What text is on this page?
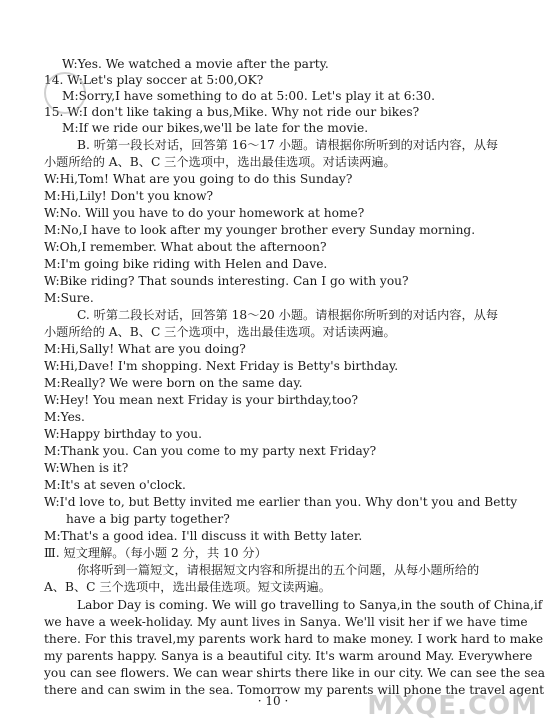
W:Yes. We watched a movie after the party.
14. W:Let's play soccer at 5:00,OK?
M:Sorry,I have something to do at 5:00. Let's play it at 6:30.
15. W:I don't like taking a bus,Mike. Why not ride our bikes?
M:If we ride our bikes,we'll be late for the movie.
B. 听第一段长对话，回答第 16～17 小题。请根据你所听到的对话内容，从每
小题所给的 A、B、C 三个选项中，选出最佳选项。对话读两遍。
W:Hi,Tom! What are you going to do this Sunday?
M:Hi,Lily! Don't you know?
W:No. Will you have to do your homework at home?
M:No,I have to look after my younger brother every Sunday morning.
W:Oh,I remember. What about the afternoon?
M:I'm going bike riding with Helen and Dave.
W:Bike riding? That sounds interesting. Can I go with you?
M:Sure.
C. 听第二段长对话，回答第 18～20 小题。请根据你所听到的对话内容，从每
小题所给的 A、B、C 三个选项中，选出最佳选项。对话读两遍。
M:Hi,Sally! What are you doing?
W:Hi,Dave! I'm shopping. Next Friday is Betty's birthday.
M:Really? We were born on the same day.
W:Hey! You mean next Friday is your birthday,too?
M:Yes.
W:Happy birthday to you.
M:Thank you. Can you come to my party next Friday?
W:When is it?
M:It's at seven o'clock.
W:I'd love to, but Betty invited me earlier than you. Why don't you and Betty
have a big party together?
M:That's a good idea. I'll discuss it with Betty later.
Ⅲ. 短文理解。（每小题 2 分，共 10 分）
你将听到一篇短文，请根据短文内容和所提出的五个问题，从每小题所给的
A、B、C 三个选项中，选出最佳选项。短文读两遍。
Labor Day is coming. We will go travelling to Sanya,in the south of China,if
we have a week-holiday. My aunt lives in Sanya. We'll visit her if we have time
there. For this travel,my parents work hard to make money. I work hard to make
my parents happy. Sanya is a beautiful city. It's warm around May. Everywhere
you can see flowers. We can wear shirts there like in our city. We can see the sea
there and can swim in the sea. Tomorrow my parents will phone the travel agent
· 10 ·	MXQE.COM
